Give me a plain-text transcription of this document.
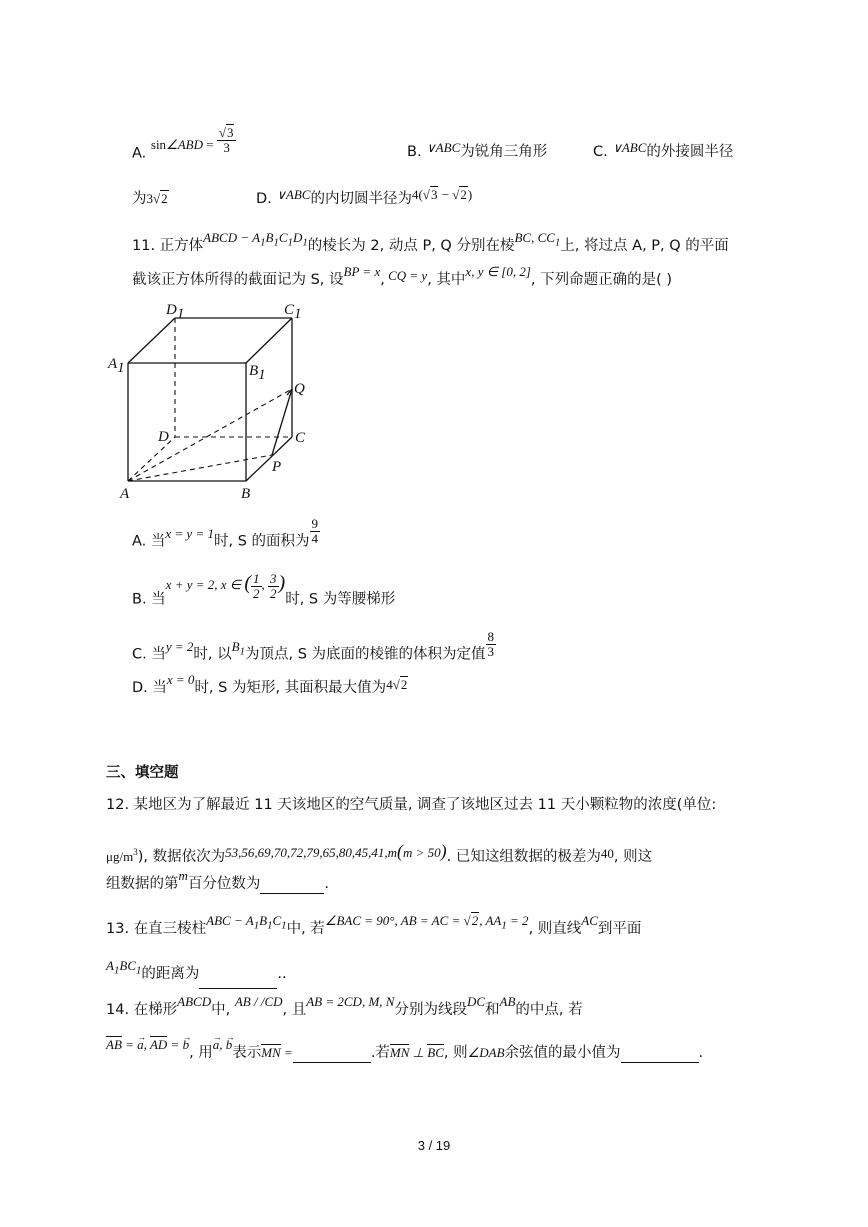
A. sin∠ABD = $\frac{√3}{3}$	B. ∨ABC为锐角三角形	C. ∨ABC的外接圆半径
为3√2	D. ∨ABC的内切圆半径为4(√3 − √2)
11. 正方体ABCD − $A_1B_1C_1D_1$的棱长为 2, 动点 P, Q 分别在棱BC, $CC_1$上, 将过点 A, P, Q 的平面
截该正方体所得的截面记为 S, 设BP = x, CQ = y, 其中x, y ∈ [0, 2], 下列命题正确的是( )
D1	C1
A1	B1
Q
D	C
P
A	B
A. 当x = y = 1时, S 的面积为 $\frac{9}{4}$
B. 当x + y = 2, x ∈ ( $\frac{1}{2}$ , $\frac{3}{2}$ )时, S 为等腰梯形
C. 当y = 2时, 以$B_1$为顶点, S 为底面的棱锥的体积为定值 $\frac{8}{3}$
D. 当x = 0时, S 为矩形, 其面积最大值为4√2
三、填空题
12. 某地区为了解最近 11 天该地区的空气质量, 调查了该地区过去 11 天小颗粒物的浓度(单位:
$\mu g/m^3$), 数据依次为53,56,69,70,72,79,65,80,45,41,m(m > 50). 已知这组数据的极差为40, 则这
组数据的第m百分位数为	.
13. 在直三棱柱ABC − $A_1B_1C_1$中, 若∠BAC = 90°, AB = AC = √2, $AA_1 = 2$, 则直线AC到平面
$A_1BC_1$的距离为	..
14. 在梯形ABCD中, AB / /CD, 且AB = 2CD, M, N分别为线段DC和AB的中点, 若
AB = → a, AD = → b, 用→ a, → b表示MN =	.若MN ⊥ BC, 则∠DAB余弦值的最小值为	.
3 / 19
